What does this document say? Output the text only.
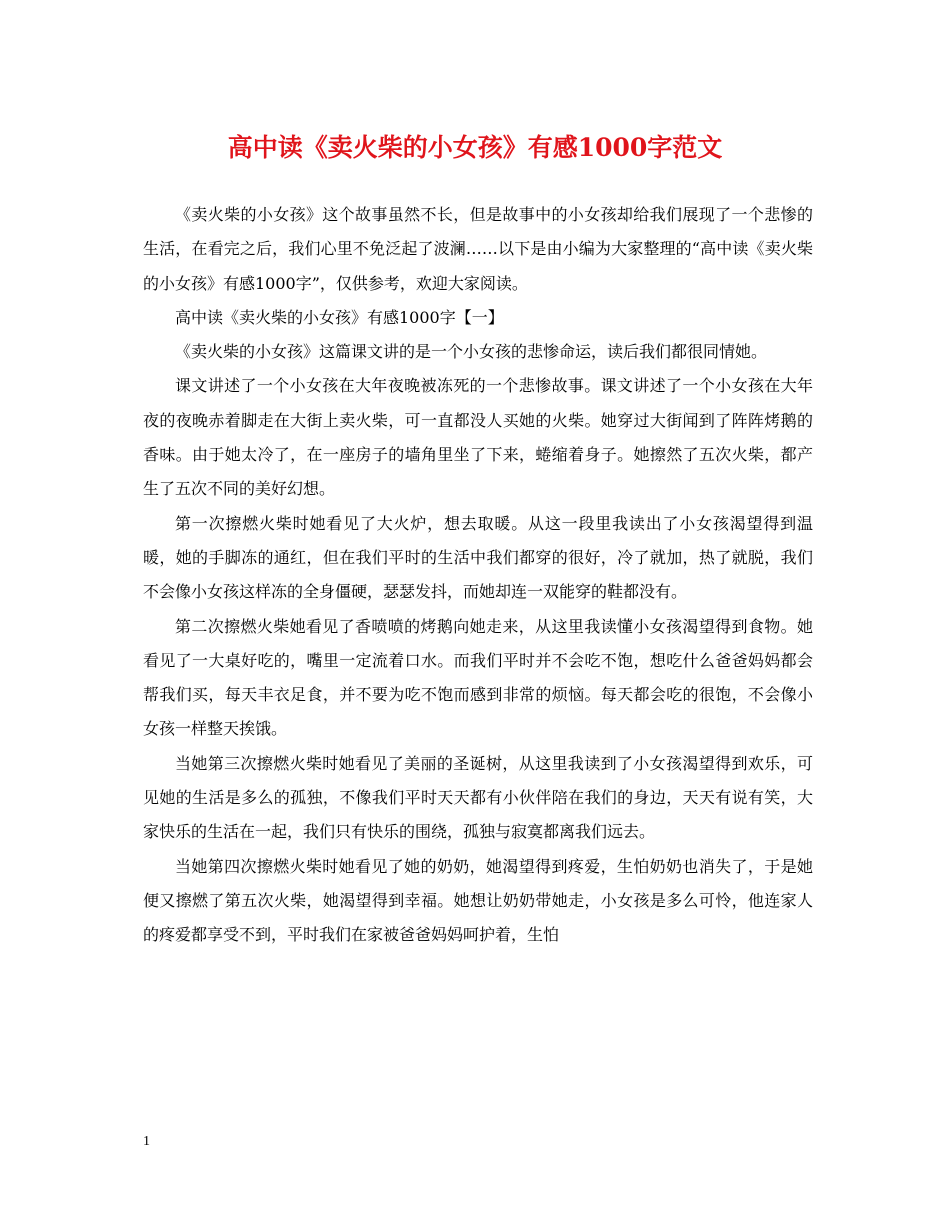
高中读《卖火柴的小女孩》有感1000字范文

《卖火柴的小女孩》这个故事虽然不长，但是故事中的小女孩却给我们展现了一个悲惨的生活，在看完之后，我们心里不免泛起了波澜……以下是由小编为大家整理的“高中读《卖火柴的小女孩》有感1000字”，仅供参考，欢迎大家阅读。

高中读《卖火柴的小女孩》有感1000字【一】

《卖火柴的小女孩》这篇课文讲的是一个小女孩的悲惨命运，读后我们都很同情她。

课文讲述了一个小女孩在大年夜晚被冻死的一个悲惨故事。课文讲述了一个小女孩在大年夜的夜晚赤着脚走在大街上卖火柴，可一直都没人买她的火柴。她穿过大街闻到了阵阵烤鹅的香味。由于她太冷了，在一座房子的墙角里坐了下来，蜷缩着身子。她擦然了五次火柴，都产生了五次不同的美好幻想。

第一次擦燃火柴时她看见了大火炉，想去取暖。从这一段里我读出了小女孩渴望得到温暖，她的手脚冻的通红，但在我们平时的生活中我们都穿的很好，冷了就加，热了就脱，我们不会像小女孩这样冻的全身僵硬，瑟瑟发抖，而她却连一双能穿的鞋都没有。

第二次擦燃火柴她看见了香喷喷的烤鹅向她走来，从这里我读懂小女孩渴望得到食物。她看见了一大桌好吃的，嘴里一定流着口水。而我们平时并不会吃不饱，想吃什么爸爸妈妈都会帮我们买，每天丰衣足食，并不要为吃不饱而感到非常的烦恼。每天都会吃的很饱，不会像小女孩一样整天挨饿。

当她第三次擦燃火柴时她看见了美丽的圣诞树，从这里我读到了小女孩渴望得到欢乐，可见她的生活是多么的孤独，不像我们平时天天都有小伙伴陪在我们的身边，天天有说有笑，大家快乐的生活在一起，我们只有快乐的围绕，孤独与寂寞都离我们远去。

当她第四次擦燃火柴时她看见了她的奶奶，她渴望得到疼爱，生怕奶奶也消失了，于是她便又擦燃了第五次火柴，她渴望得到幸福。她想让奶奶带她走，小女孩是多么可怜，他连家人的疼爱都享受不到，平时我们在家被爸爸妈妈呵护着，生怕

1
